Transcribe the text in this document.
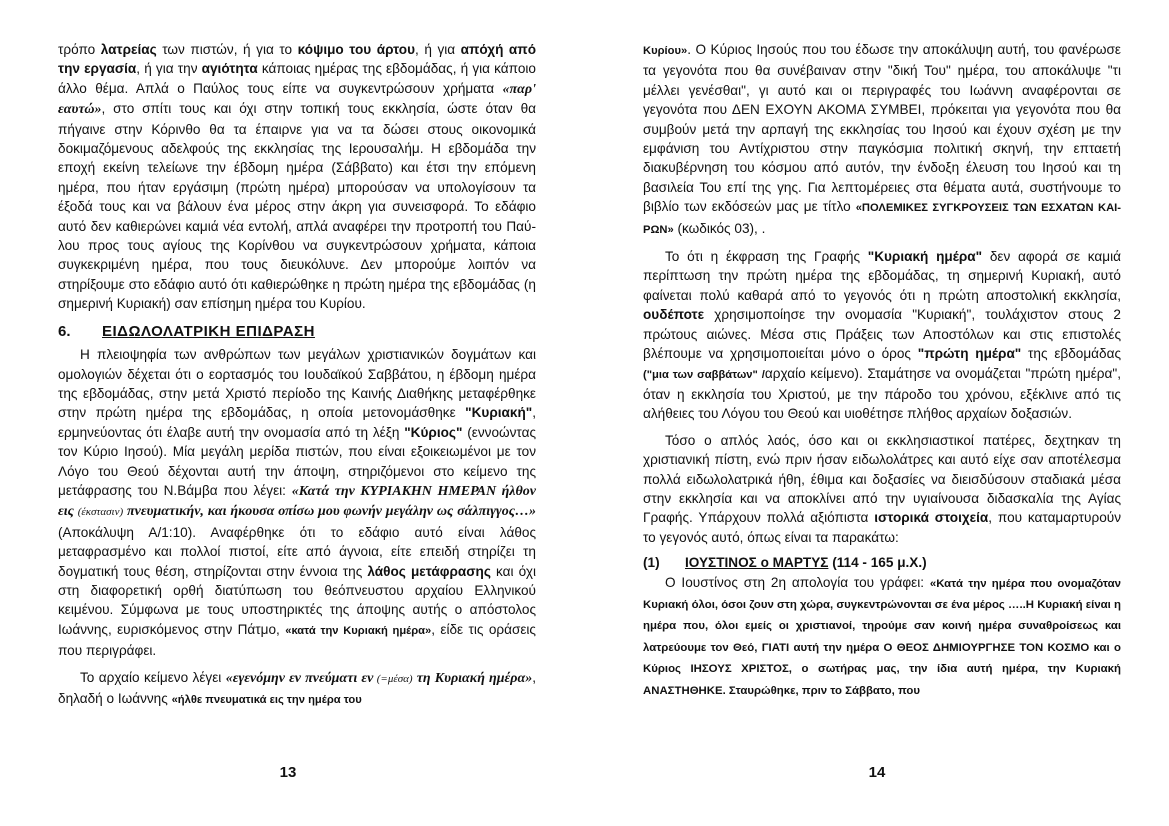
τρόπο λατρείας των πιστών, ή για το κόψιμο του άρτου, ή για απόχή από την εργασία, ή για την αγιότητα κάποιας ημέρας της εβδομάδας, ή για κάποιο άλλο θέμα. Απλά ο Παύλος τους είπε να συγκεντρώσουν χρήματα «παρ' εαυτώ», στο σπίτι τους και όχι στην τοπική τους εκκλησία, ώστε όταν θα πήγαινε στην Κόρινθο θα τα έπαιρνε για να τα δώσει στους οικονομικά δοκιμαζόμενους αδελφούς της εκκλησίας της Ιερουσαλήμ. Η εβδομάδα την εποχή εκείνη τελείωνε την έβδομη ημέρα (Σάββατο) και έτσι την επόμενη ημέρα, που ήταν εργάσιμη (πρώτη ημέρα) μπορούσαν να υπολογίσουν τα έξοδά τους και να βάλουν ένα μέρος στην άκρη για συνεισφορά. Το εδάφιο αυτό δεν καθιερώνει καμιά νέα εντολή, απλά αναφέρει την προτροπή του Παύλου προς τους αγίους της Κορίνθου να συγκεντρώσουν χρήματα, κάποια συγκεκριμένη ημέρα, που τους διευκόλυνε. Δεν μπορούμε λοιπόν να στηρίξουμε στο εδάφιο αυτό ότι καθιερώθηκε η πρώτη ημέρα της εβδομάδας (η σημερινή Κυριακή) σαν επίσημη ημέρα του Κυρίου.

6. ΕΙΔΩΛΟΛΑΤΡΙΚΗ ΕΠΙΔΡΑΣΗ

Η πλειοψηφία των ανθρώπων των μεγάλων χριστιανικών δογμάτων και ομολογιών δέχεται ότι ο εορτασμός του Ιουδαϊκού Σαββάτου, η έβδομη ημέρα της εβδομάδας, στην μετά Χριστό περίοδο της Καινής Διαθήκης μεταφέρθηκε στην πρώτη ημέρα της εβδομάδας, η οποία μετονομάσθηκε "Κυριακή", ερμηνεύοντας ότι έλαβε αυτή την ονομασία από τη λέξη "Κύριος" (εννοώντας τον Κύριο Ιησού). Μία μεγάλη μερίδα πιστών, που είναι εξοικειωμένοι με τον Λόγο του Θεού δέχονται αυτή την άποψη, στηριζόμενοι στο κείμενο της μετάφρασης του Ν.Βάμβα που λέγει: «Κατά την ΚΥΡΙΑΚΗΝ ΗΜΕΡΑΝ ήλθον εις (έκστασιν) πνευματικήν, και ήκουσα οπίσω μου φωνήν μεγάλην ως σάλπιγγος…» (Αποκάλυψη Α/1:10). Αναφέρθηκε ότι το εδάφιο αυτό είναι λάθος μεταφρασμένο και πολλοί πιστοί, είτε από άγνοια, είτε επειδή στηρίζει τη δογματική τους θέση, στηρίζονται στην έννοια της λάθος μετάφρασης και όχι στη διαφορετική ορθή διατύπωση του θεόπνευστου αρχαίου Ελληνικού κειμένου. Σύμφωνα με τους υποστηρικτές της άποψης αυτής ο απόστολος Ιωάννης, ευρισκόμενος στην Πάτμο, «κατά την Κυριακή ημέρα», είδε τις οράσεις που περιγράφει.

Το αρχαίο κείμενο λέγει «εγενόμην εν πνεύματι εν (=μέσα) τη Κυριακή ημέρα», δηλαδή ο Ιωάννης «ήλθε πνευματικά εις την ημέρα του

13

Κυρίου». Ο Κύριος Ιησούς που του έδωσε την αποκάλυψη αυτή, του φανέρωσε τα γεγονότα που θα συνέβαιναν στην "δική Του" ημέρα, του αποκάλυψε "τι μέλλει γενέσθαι", γι αυτό και οι περιγραφές του Ιωάννη αναφέρονται σε γεγονότα που ΔΕΝ ΕΧΟΥΝ ΑΚΟΜΑ ΣΥΜΒΕΙ, πρόκειται για γεγονότα που θα συμβούν μετά την αρπαγή της εκκλησίας του Ιησού και έχουν σχέση με την εμφάνιση του Αντίχριστου στην παγκόσμια πολιτική σκηνή, την επταετή διακυβέρνηση του κόσμου από αυτόν, την ένδοξη έλευση του Ιησού και τη βασιλεία Του επί της γης. Για λεπτομέρειες στα θέματα αυτά, συστήνουμε το βιβλίο των εκδόσεών μας με τίτλο «ΠΟΛΕΜΙΚΕΣ ΣΥΓΚΡΟΥΣΕΙΣ ΤΩΝ ΕΣΧΑΤΩΝ ΚΑΙΡΩΝ» (κωδικός 03), .

Το ότι η έκφραση της Γραφής "Κυριακή ημέρα" δεν αφορά σε καμιά περίπτωση την πρώτη ημέρα της εβδομάδας, τη σημερινή Κυριακή, αυτό φαίνεται πολύ καθαρά από το γεγονός ότι η πρώτη αποστολική εκκλησία, ουδέποτε χρησιμοποίησε την ονομασία "Κυριακή", τουλάχιστον στους 2 πρώτους αιώνες. Μέσα στις Πράξεις των Αποστόλων και στις επιστολές βλέπουμε να χρησιμοποιείται μόνο ο όρος "πρώτη ημέρα" της εβδομάδας ("μια των σαββάτων" /αρχαίο κείμενο). Σταμάτησε να ονομάζεται "πρώτη ημέρα", όταν η εκκλησία του Χριστού, με την πάροδο του χρόνου, εξέκλινε από τις αλήθειες του Λόγου του Θεού και υιοθέτησε πλήθος αρχαίων δοξασιών.

Τόσο ο απλός λαός, όσο και οι εκκλησιαστικοί πατέρες, δεχτηκαν τη χριστιανική πίστη, ενώ πριν ήσαν ειδωλολάτρες και αυτό είχε σαν αποτέλεσμα πολλά ειδωλολατρικά ήθη, έθιμα και δοξασίες να διεισδύσουν σταδιακά μέσα στην εκκλησία και να αποκλίνει από την υγιαίνουσα διδασκαλία της Αγίας Γραφής. Υπάρχουν πολλά αξιόπιστα ιστορικά στοιχεία, που καταμαρτυρούν το γεγονός αυτό, όπως είναι τα παρακάτω:

(1) ΙΟΥΣΤΙΝΟΣ ο ΜΑΡΤΥΣ (114 - 165 μ.Χ.)

Ο Ιουστίνος στη 2η απολογία του γράφει: «Κατά την ημέρα που ονομαζόταν Κυριακή όλοι, όσοι ζουν στη χώρα, συγκεντρώνονται σε ένα μέρος …..Η Κυριακή είναι η ημέρα που, όλοι εμείς οι χριστιανοί, τηρούμε σαν κοινή ημέρα συναθροίσεως και λατρεύουμε τον Θεό, ΓΙΑΤΙ αυτή την ημέρα Ο ΘΕΟΣ ΔΗΜΙΟΥΡΓΗΣΕ ΤΟΝ ΚΟΣΜΟ και ο Κύριος ΙΗΣΟΥΣ ΧΡΙΣΤΟΣ, ο σωτήρας μας, την ίδια αυτή ημέρα, την Κυριακή ΑΝΑΣΤΗΘΗΚΕ. Σταυρώθηκε, πριν το Σάββατο, που

14
